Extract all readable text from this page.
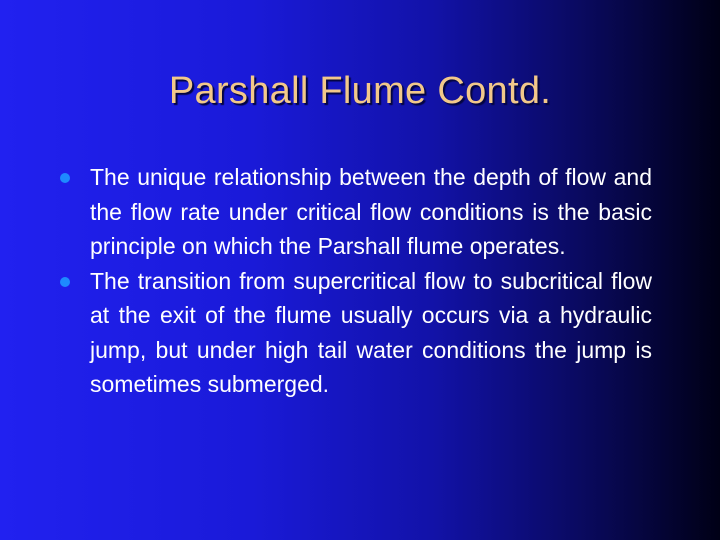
Parshall Flume Contd.
The unique relationship between the depth of flow and the flow rate under critical flow conditions is the basic principle on which the Parshall flume operates.
The transition from supercritical flow to subcritical flow at the exit of the flume usually occurs via a hydraulic jump, but under high tail water conditions the jump is sometimes submerged.
